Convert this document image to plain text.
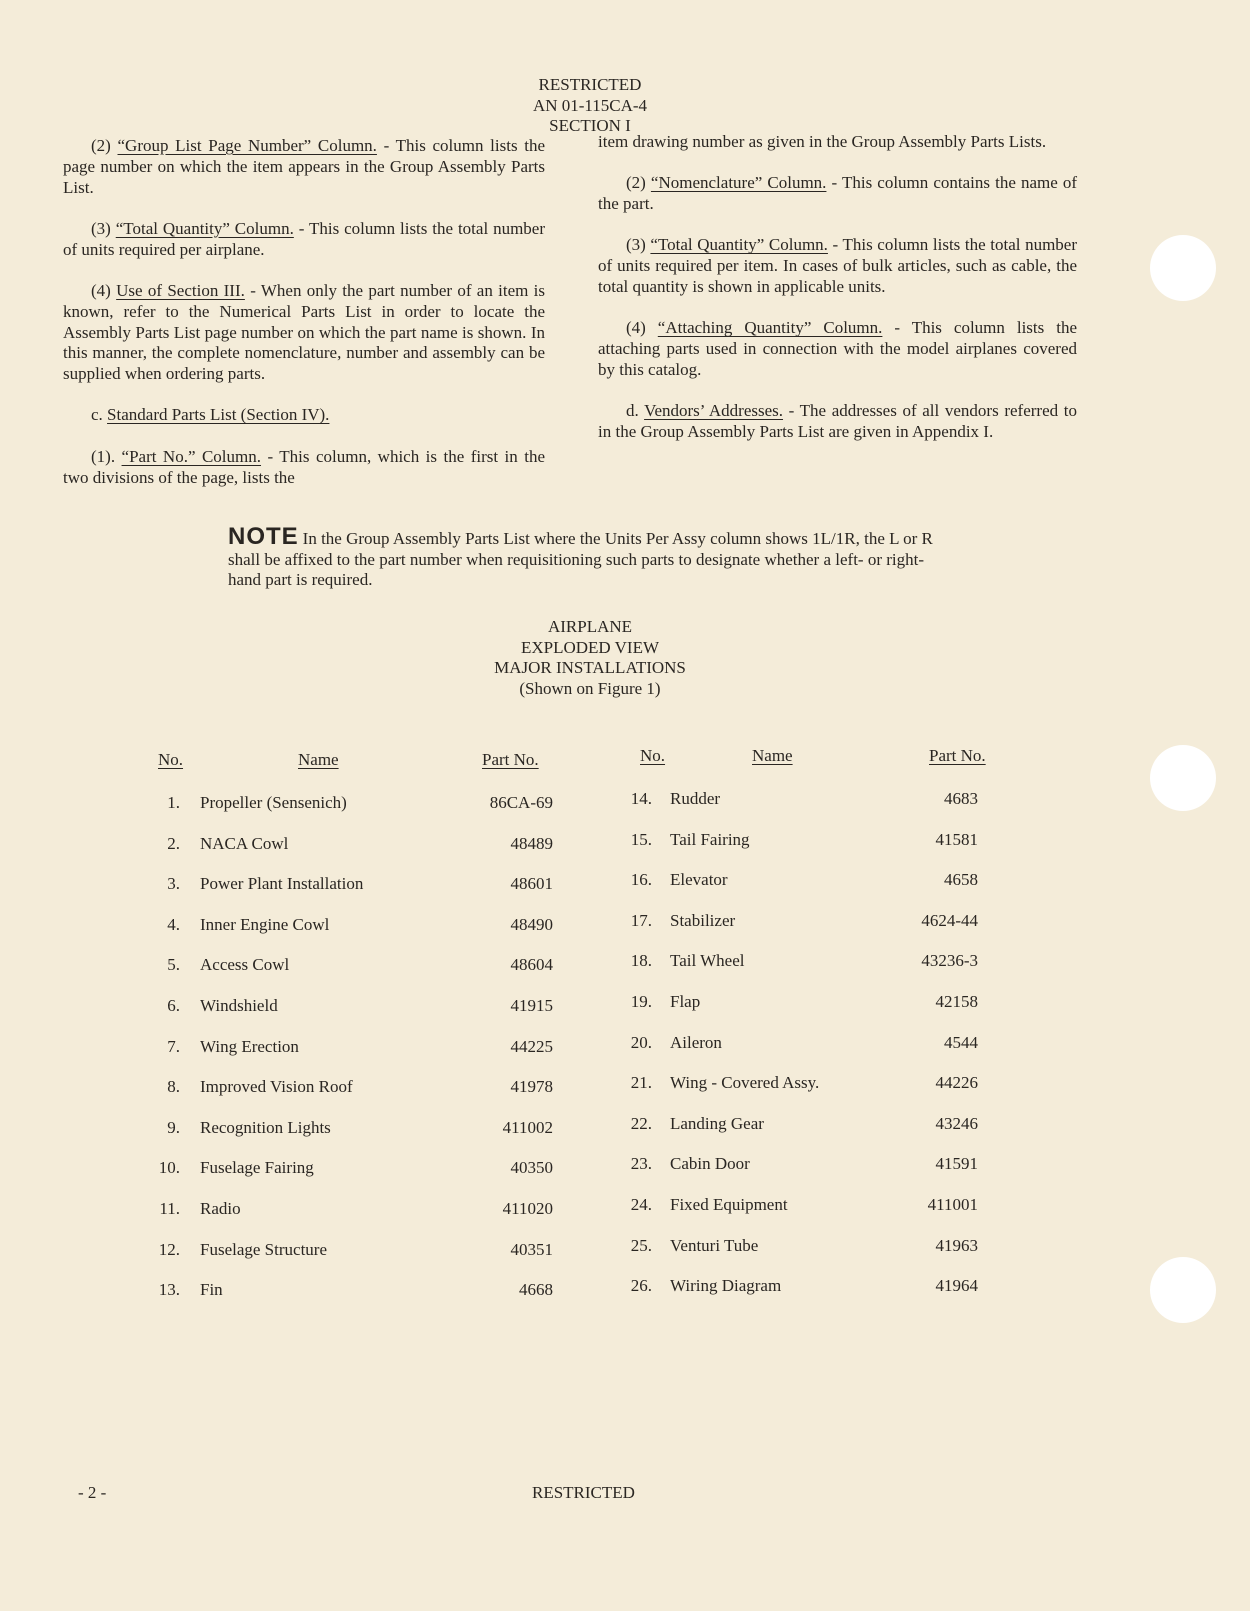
RESTRICTED
AN 01-115CA-4
SECTION I

(2) “Group List Page Number” Column. - This column lists the page number on which the item appears in the Group Assembly Parts List.

(3) “Total Quantity” Column. - This column lists the total number of units required per airplane.

(4) Use of Section III. - When only the part number of an item is known, refer to the Numerical Parts List in order to locate the Assembly Parts List page number on which the part name is shown. In this manner, the complete nomenclature, number and assembly can be supplied when ordering parts.

c. Standard Parts List (Section IV).

(1). “Part No.” Column. - This column, which is the first in the two divisions of the page, lists the

item drawing number as given in the Group Assembly Parts Lists.

(2) “Nomenclature” Column. - This column contains the name of the part.

(3) “Total Quantity” Column. - This column lists the total number of units required per item. In cases of bulk articles, such as cable, the total quantity is shown in applicable units.

(4) “Attaching Quantity” Column. - This column lists the attaching parts used in connection with the model airplanes covered by this catalog.

d. Vendors’ Addresses. - The addresses of all vendors referred to in the Group Assembly Parts List are given in Appendix I.

NOTE In the Group Assembly Parts List where the Units Per Assy column shows 1L/1R, the L or R shall be affixed to the part number when requisitioning such parts to designate whether a left- or right-hand part is required.
AIRPLANE
EXPLODED VIEW
MAJOR INSTALLATIONS
(Shown on Figure 1)
No.	Name	Part No.	No.	Name	Part No.
1. Propeller (Sensenich)	86CA-69
2. NACA Cowl	48489
3. Power Plant Installation	48601
4. Inner Engine Cowl	48490
5. Access Cowl	48604
6. Windshield	41915
7. Wing Erection	44225
8. Improved Vision Roof	41978
9. Recognition Lights	411002
10. Fuselage Fairing	40350
11. Radio	411020
12. Fuselage Structure	40351
13. Fin	4668
14. Rudder	4683
15. Tail Fairing	41581
16. Elevator	4658
17. Stabilizer	4624-44
18. Tail Wheel	43236-3
19. Flap	42158
20. Aileron	4544
21. Wing - Covered Assy.	44226
22. Landing Gear	43246
23. Cabin Door	41591
24. Fixed Equipment	411001
25. Venturi Tube	41963
26. Wiring Diagram	41964
- 2 -	RESTRICTED
